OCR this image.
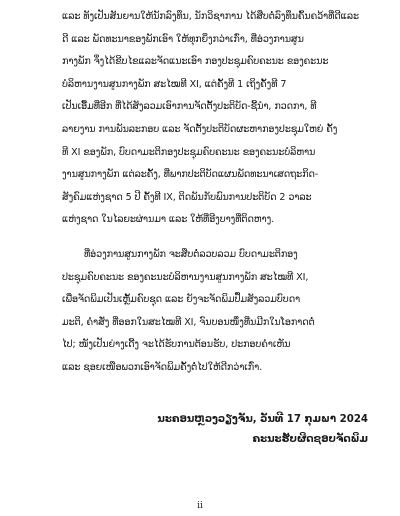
ແລະ ທັງເປັນສັນຍານໃຫ້ນັກລົງທຶນ, ນັກວິຊາການ ໄດ້ສືບຕໍ່ລົງທຶນຄົ້ນຄວ້າທີ່ດີແລະ
ດີ ແລະ ພັດທະນາຂອງພັກເອົາ ໃຫ້ທຸກຍິ່ງກວ່າເກົ່າ, ທີ່ອ່ວງການສູນ
ກາງພັກ ຈຶ່ງໄດ້ຂີບໄຂແລະຈັດແນະເອົາ ກອງປະຊຸມຄົບຄະນະ ຂອງຄະນະ
ບໍລິຫານງານສູນກາງພັກ ສະໄໝທີ XI, ແຕ່ຄັ້ງທີ 1 ເຖິງຄັ້ງທີ 7
ເປັນເອື້ມທີ່ອີກ ທີ່ໄດ້ສັງລວມເອົາການຈັດຕັ້ງປະຕິບັດ-ຊີ້ນໍາ, ກວດກາ, ທີ
ລາຍງານ ການພັນລະກອບ ແລະ ຈັດຕັ້ງປະຕິບັດຜະຫາກອງປະຊຸມໃຫຍ່ ຄັ້ງ
ທີ XI ຂອງພັກ, ບົບດາມະຕິກອງປະຊຸມຄົບຄະນະ ຂອງຄະນະບໍລິຫານ
ງານສູນກາງພັກ ແຕ່ລະຄັ້ງ, ທີ່ພາກປະຕິບັດແຜນພັດທະນາເສດຖະກິດ-
ສັງຄົມແຫ່ງຊາດ 5 ປີ ຄັ້ງທີ IX, ຕິດພັນກັບພົນການປະຕິບັດ 2 ວາລະ
ແຫ່ງຊາດ ໃນໄລຍະຜ່ານມາ ແລະ ໃຫ້ທີ່ອີງບາງທີ່ຕິດຫາງ.
ທີ່ອ່ວງການສູນກາງພັກ ຈະສືບຕໍ່ລວບລວມ ບົບດາມະຕິກອງ
ປະຊຸມຄົບຄະນະ ຂອງຄະນະບໍລິຫານງານສູນກາງພັກ ສະໄໝທີ XI,
ເພື່ອຈັດພິມເປັນເຫຼັ້ມຄົບຊຸດ ແລະ ຍັງຈະຈັດພິມປຶ້ມສັງລວມບົບດາ
ມະຕິ, ຄໍາສັ່ງ ທີ່ອອກໃນສະໄໝທີ XI, ຈົນບອນໜຶ່ງທີ່ນມີກໃນໂອກາດຕໍ່
ໄປ; ໜັງເປັນຍ່າງເດີ້ງ ຈະໄດ້ຮັບການຕ້ອນຮັບ, ປະກອບຄໍາເຫັນ
ແລະ ຊອຍເໜືອພວກເອົາຈັດພິມຄັ້ງຕໍ່ໄປໃຫ້ດີກວ່າເກົ່າ.
ນະຄອນຫຼວງວຽງຈັນ, ວັນທີ 17 ກຸມພາ 2024
ຄະນະຮັບຜິດຊອບຈັດພິມ
ii
